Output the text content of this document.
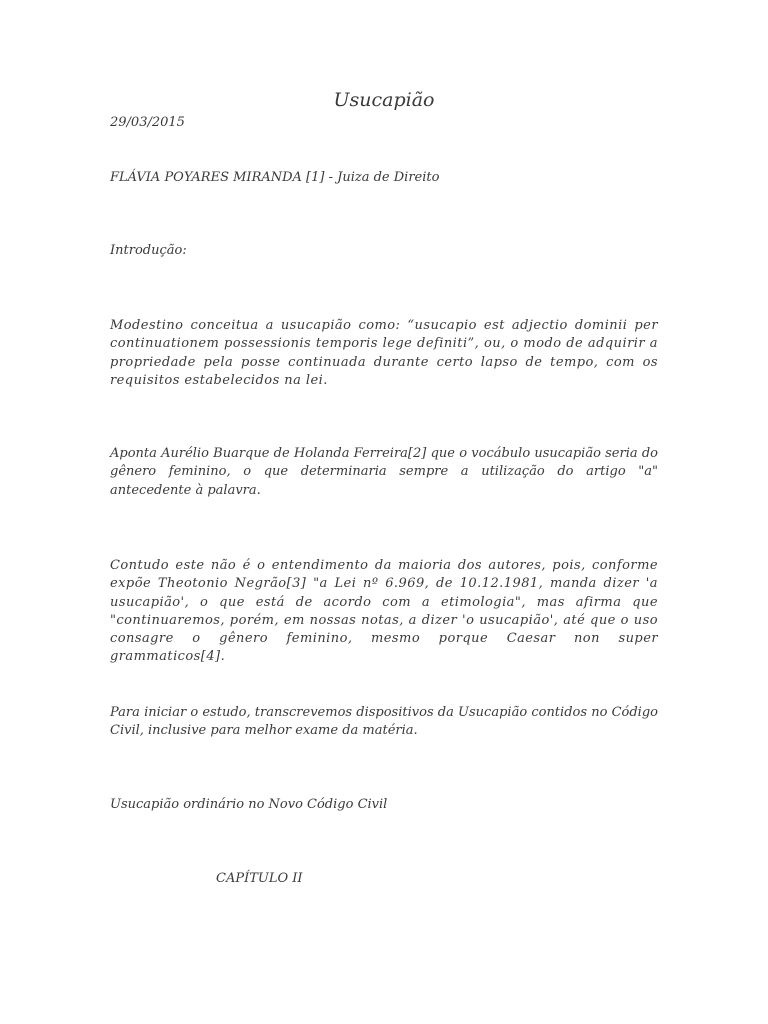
Usucapião
29/03/2015
FLÁVIA POYARES MIRANDA [1] - Juiza de Direito
Introdução:
Modestino conceitua a usucapião como: “usucapio est adjectio dominii per continuationem possessionis temporis lege definiti”, ou, o modo de adquirir a propriedade pela posse continuada durante certo lapso de tempo, com os requisitos estabelecidos na lei.
Aponta Aurélio Buarque de Holanda Ferreira[2] que o vocábulo usucapião seria do gênero feminino, o que determinaria sempre a utilização do artigo "a" antecedente à palavra.
Contudo este não é o entendimento da maioria dos autores, pois, conforme expõe Theotonio Negrão[3] "a Lei nº 6.969, de 10.12.1981, manda dizer 'a usucapião', o que está de acordo com a etimologia", mas afirma que "continuaremos, porém, em nossas notas, a dizer 'o usucapião', até que o uso consagre o gênero feminino, mesmo porque Caesar non super grammaticos[4].
Para iniciar o estudo, transcrevemos dispositivos da Usucapião contidos no Código Civil, inclusive para melhor exame da matéria.
Usucapião ordinário no Novo Código Civil
CAPÍTULO II
